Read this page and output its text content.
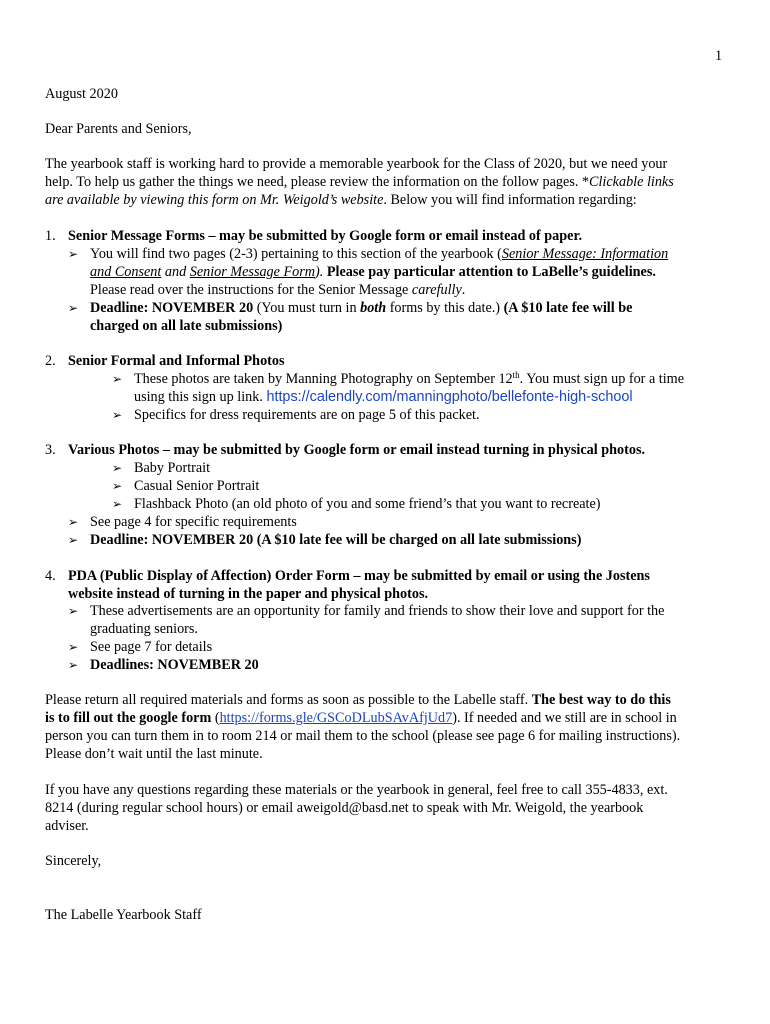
1
August 2020
Dear Parents and Seniors,
The yearbook staff is working hard to provide a memorable yearbook for the Class of 2020, but we need your
help. To help us gather the things we need, please review the information on the follow pages. *Clickable links
are available by viewing this form on Mr. Weigold’s website. Below you will find information regarding:
1. Senior Message Forms – may be submitted by Google form or email instead of paper.
➢ You will find two pages (2-3) pertaining to this section of the yearbook (Senior Message: Information
and Consent and Senior Message Form). Please pay particular attention to LaBelle’s guidelines.
Please read over the instructions for the Senior Message carefully.
➢ Deadline: NOVEMBER 20 (You must turn in both forms by this date.) (A $10 late fee will be
charged on all late submissions)
2. Senior Formal and Informal Photos
➢ These photos are taken by Manning Photography on September 12th. You must sign up for a time
using this sign up link. https://calendly.com/manningphoto/bellefonte-high-school
➢ Specifics for dress requirements are on page 5 of this packet.
3. Various Photos – may be submitted by Google form or email instead turning in physical photos.
➢ Baby Portrait
➢ Casual Senior Portrait
➢ Flashback Photo (an old photo of you and some friend’s that you want to recreate)
➢ See page 4 for specific requirements
➢ Deadline: NOVEMBER 20 (A $10 late fee will be charged on all late submissions)
4. PDA (Public Display of Affection) Order Form – may be submitted by email or using the Jostens
website instead of turning in the paper and physical photos.
➢ These advertisements are an opportunity for family and friends to show their love and support for the
graduating seniors.
➢ See page 7 for details
➢ Deadlines: NOVEMBER 20
Please return all required materials and forms as soon as possible to the Labelle staff. The best way to do this
is to fill out the google form (https://forms.gle/GSCoDLubSAvAfjUd7). If needed and we still are in school in
person you can turn them in to room 214 or mail them to the school (please see page 6 for mailing instructions).
Please don’t wait until the last minute.
If you have any questions regarding these materials or the yearbook in general, feel free to call 355-4833, ext.
8214 (during regular school hours) or email aweigold@basd.net to speak with Mr. Weigold, the yearbook
adviser.
Sincerely,
The Labelle Yearbook Staff
